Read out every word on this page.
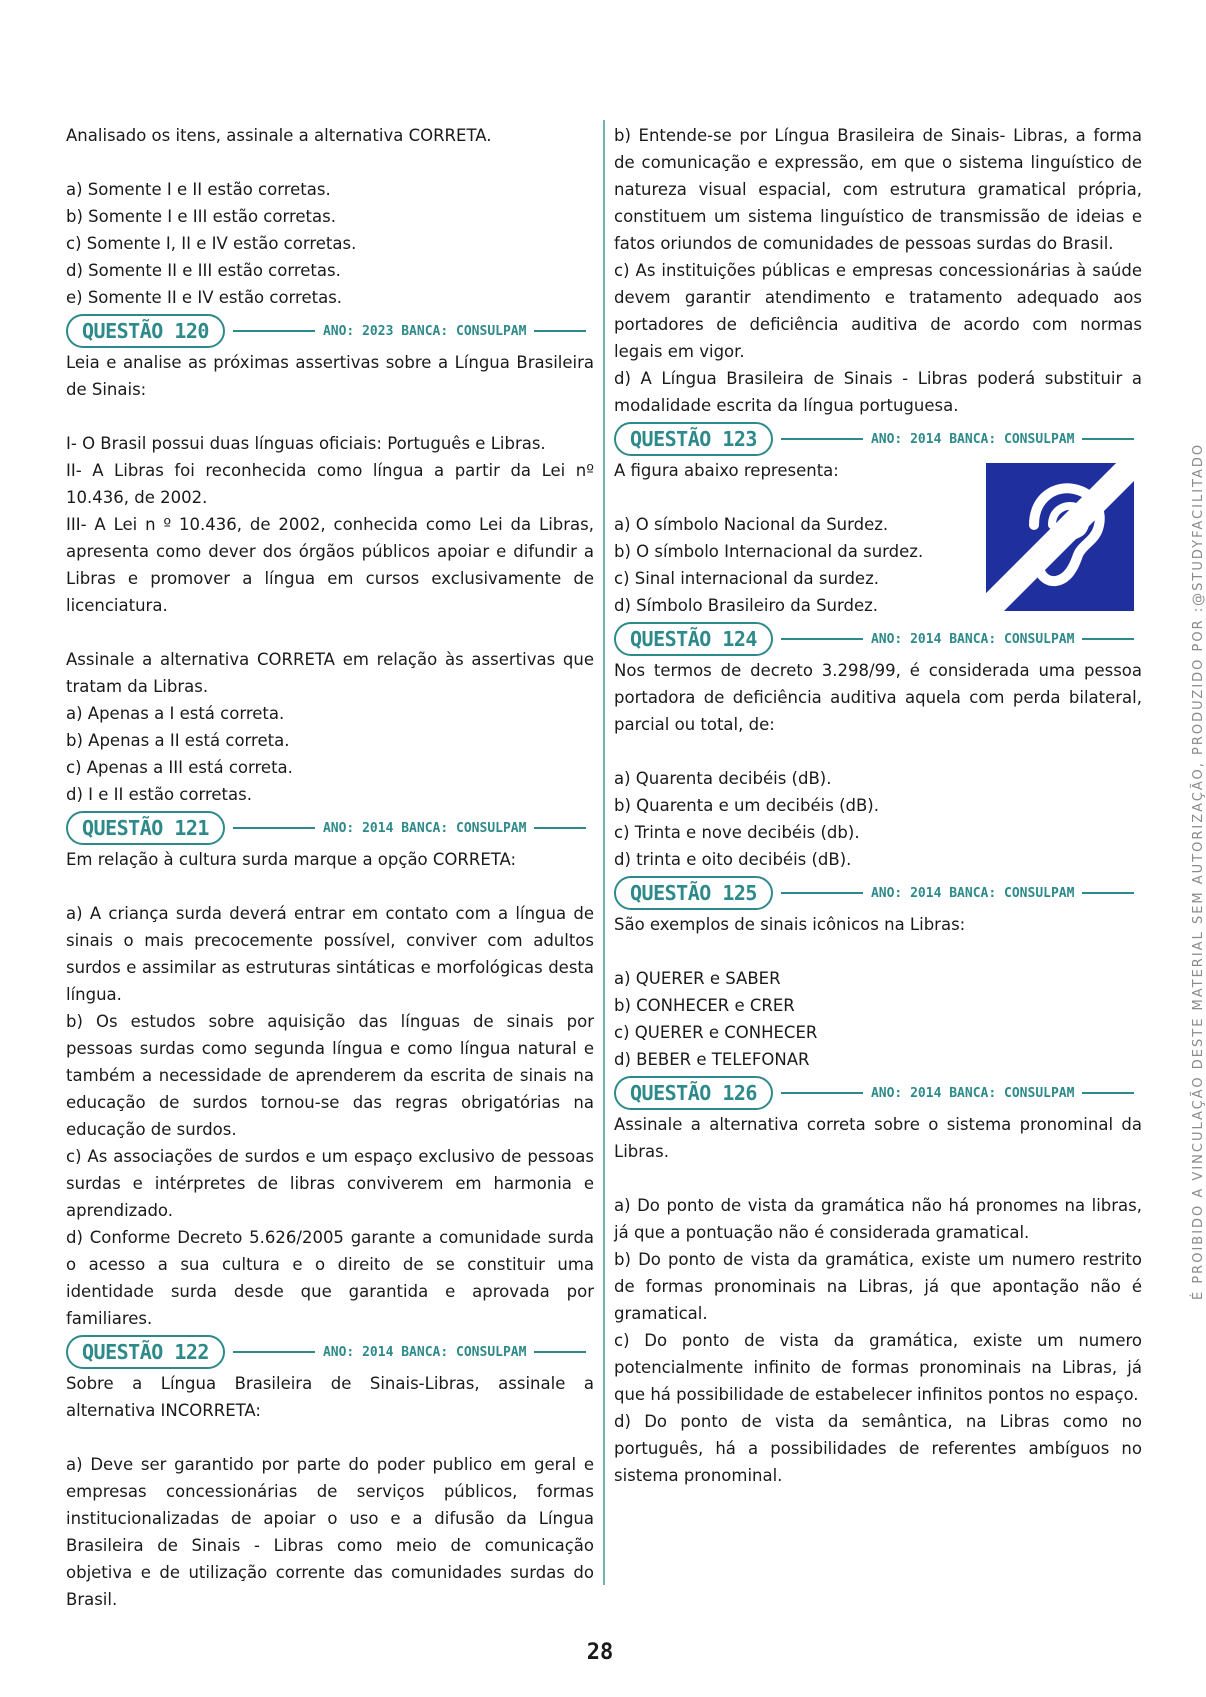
Analisado os itens, assinale a alternativa CORRETA.

a) Somente I e II estão corretas.

b) Somente I e III estão corretas.

c) Somente I, II e IV estão corretas.

d) Somente II e III estão corretas.

e) Somente II e IV estão corretas.

QUESTÃO 120	ANO: 2023 BANCA: CONSULPAM

Leia e analise as próximas assertivas sobre a Língua Brasileira de Sinais:

I- O Brasil possui duas línguas oficiais: Português e Libras.

II- A Libras foi reconhecida como língua a partir da Lei nº 10.436, de 2002.

III- A Lei n º 10.436, de 2002, conhecida como Lei da Libras, apresenta como dever dos órgãos públicos apoiar e difundir a Libras e promover a língua em cursos exclusivamente de licenciatura.

Assinale a alternativa CORRETA em relação às assertivas que tratam da Libras.

a) Apenas a I está correta.

b) Apenas a II está correta.

c) Apenas a III está correta.

d) I e II estão corretas.

QUESTÃO 121	ANO: 2014 BANCA: CONSULPAM

Em relação à cultura surda marque a opção CORRETA:

a) A criança surda deverá entrar em contato com a língua de sinais o mais precocemente possível, conviver com adultos surdos e assimilar as estruturas sintáticas e morfológicas desta língua.

b) Os estudos sobre aquisição das línguas de sinais por pessoas surdas como segunda língua e como língua natural e também a necessidade de aprenderem da escrita de sinais na educação de surdos tornou-se das regras obrigatórias na educação de surdos.

c) As associações de surdos e um espaço exclusivo de pessoas surdas e intérpretes de libras conviverem em harmonia e aprendizado.

d) Conforme Decreto 5.626/2005 garante a comunidade surda o acesso a sua cultura e o direito de se constituir uma identidade surda desde que garantida e aprovada por familiares.

QUESTÃO 122	ANO: 2014 BANCA: CONSULPAM

Sobre a Língua Brasileira de Sinais-Libras, assinale a alternativa INCORRETA:

a) Deve ser garantido por parte do poder publico em geral e empresas concessionárias de serviços públicos, formas institucionalizadas de apoiar o uso e a difusão da Língua Brasileira de Sinais - Libras como meio de comunicação objetiva e de utilização corrente das comunidades surdas do Brasil.

b) Entende-se por Língua Brasileira de Sinais- Libras, a forma de comunicação e expressão, em que o sistema linguístico de natureza visual espacial, com estrutura gramatical própria, constituem um sistema linguístico de transmissão de ideias e fatos oriundos de comunidades de pessoas surdas do Brasil.

c) As instituições públicas e empresas concessionárias à saúde devem garantir atendimento e tratamento adequado aos portadores de deficiência auditiva de acordo com normas legais em vigor.

d) A Língua Brasileira de Sinais - Libras poderá substituir a modalidade escrita da língua portuguesa.

QUESTÃO 123	ANO: 2014 BANCA: CONSULPAM

A figura abaixo representa:

a) O símbolo Nacional da Surdez.

b) O símbolo Internacional da surdez.

c) Sinal internacional da surdez.

d) Símbolo Brasileiro da Surdez.

QUESTÃO 124	ANO: 2014 BANCA: CONSULPAM

Nos termos de decreto 3.298/99, é considerada uma pessoa portadora de deficiência auditiva aquela com perda bilateral, parcial ou total, de:

a) Quarenta decibéis (dB).

b) Quarenta e um decibéis (dB).

c) Trinta e nove decibéis (db).

d) trinta e oito decibéis (dB).

QUESTÃO 125	ANO: 2014 BANCA: CONSULPAM

São exemplos de sinais icônicos na Libras:

a) QUERER e SABER

b) CONHECER e CRER

c) QUERER e CONHECER

d) BEBER e TELEFONAR

QUESTÃO 126	ANO: 2014 BANCA: CONSULPAM

Assinale a alternativa correta sobre o sistema pronominal da Libras.

a) Do ponto de vista da gramática não há pronomes na libras, já que a pontuação não é considerada gramatical.

b) Do ponto de vista da gramática, existe um numero restrito de formas pronominais na Libras, já que apontação não é gramatical.

c) Do ponto de vista da gramática, existe um numero potencialmente infinito de formas pronominais na Libras, já que há possibilidade de estabelecer infinitos pontos no espaço.

d) Do ponto de vista da semântica, na Libras como no português, há a possibilidades de referentes ambíguos no sistema pronominal.

É PROIBIDO A VINCULAÇÃO DESTE MATERIAL SEM AUTORIZAÇÃO, PRODUZIDO POR :@STUDYFACILITADO
28
